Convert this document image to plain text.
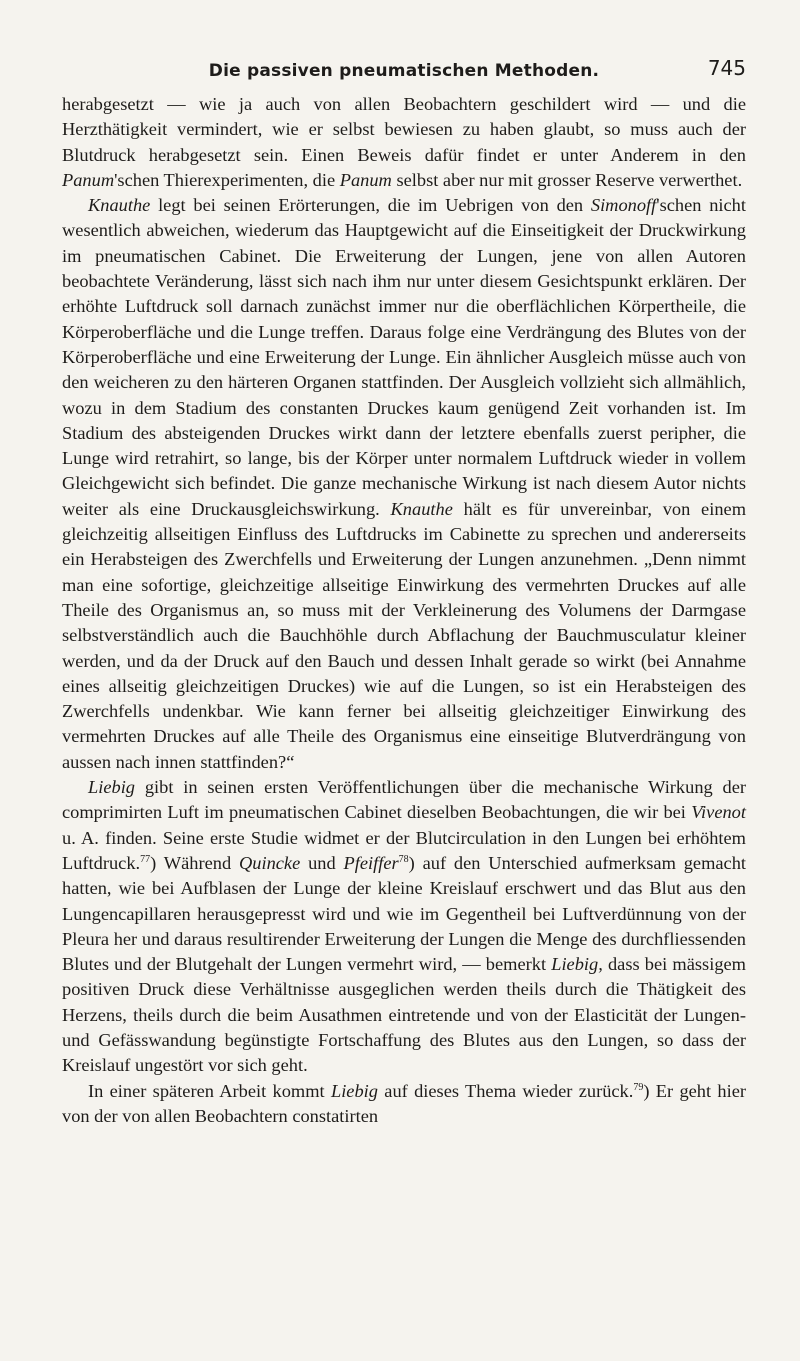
Die passiven pneumatischen Methoden.	745

herabgesetzt — wie ja auch von allen Beobachtern geschildert wird — und die Herzthätigkeit vermindert, wie er selbst bewiesen zu haben glaubt, so muss auch der Blutdruck herabgesetzt sein. Einen Beweis dafür findet er unter Anderem in den Panum'schen Thierexperimenten, die Panum selbst aber nur mit grosser Reserve verwerthet.

Knauthe legt bei seinen Erörterungen, die im Uebrigen von den Simonoff'schen nicht wesentlich abweichen, wiederum das Hauptgewicht auf die Einseitigkeit der Druckwirkung im pneumatischen Cabinet. Die Erweiterung der Lungen, jene von allen Autoren beobachtete Veränderung, lässt sich nach ihm nur unter diesem Gesichtspunkt erklären. Der erhöhte Luftdruck soll darnach zunächst immer nur die oberflächlichen Körpertheile, die Körperoberfläche und die Lunge treffen. Daraus folge eine Verdrängung des Blutes von der Körperoberfläche und eine Erweiterung der Lunge. Ein ähnlicher Ausgleich müsse auch von den weicheren zu den härteren Organen stattfinden. Der Ausgleich vollzieht sich allmählich, wozu in dem Stadium des constanten Druckes kaum genügend Zeit vorhanden ist. Im Stadium des absteigenden Druckes wirkt dann der letztere ebenfalls zuerst peripher, die Lunge wird retrahirt, so lange, bis der Körper unter normalem Luftdruck wieder in vollem Gleichgewicht sich befindet. Die ganze mechanische Wirkung ist nach diesem Autor nichts weiter als eine Druckausgleichswirkung. Knauthe hält es für unvereinbar, von einem gleichzeitig allseitigen Einfluss des Luftdrucks im Cabinette zu sprechen und andererseits ein Herabsteigen des Zwerchfells und Erweiterung der Lungen anzunehmen. „Denn nimmt man eine sofortige, gleichzeitige allseitige Einwirkung des vermehrten Druckes auf alle Theile des Organismus an, so muss mit der Verkleinerung des Volumens der Darmgase selbstverständlich auch die Bauchhöhle durch Abflachung der Bauchmusculatur kleiner werden, und da der Druck auf den Bauch und dessen Inhalt gerade so wirkt (bei Annahme eines allseitig gleichzeitigen Druckes) wie auf die Lungen, so ist ein Herabsteigen des Zwerchfells undenkbar. Wie kann ferner bei allseitig gleichzeitiger Einwirkung des vermehrten Druckes auf alle Theile des Organismus eine einseitige Blutverdrängung von aussen nach innen stattfinden?“

Liebig gibt in seinen ersten Veröffentlichungen über die mechanische Wirkung der comprimirten Luft im pneumatischen Cabinet dieselben Beobachtungen, die wir bei Vivenot u. A. finden. Seine erste Studie widmet er der Blutcirculation in den Lungen bei erhöhtem Luftdruck.$^{77}$) Während Quincke und Pfeiffer$^{78}$) auf den Unterschied aufmerksam gemacht hatten, wie bei Aufblasen der Lunge der kleine Kreislauf erschwert und das Blut aus den Lungencapillaren herausgepresst wird und wie im Gegentheil bei Luftverdünnung von der Pleura her und daraus resultirender Erweiterung der Lungen die Menge des durchfliessenden Blutes und der Blutgehalt der Lungen vermehrt wird, — bemerkt Liebig, dass bei mässigem positiven Druck diese Verhältnisse ausgeglichen werden theils durch die Thätigkeit des Herzens, theils durch die beim Ausathmen eintretende und von der Elasticität der Lungen- und Gefässwandung begünstigte Fortschaffung des Blutes aus den Lungen, so dass der Kreislauf ungestört vor sich geht.

In einer späteren Arbeit kommt Liebig auf dieses Thema wieder zurück.$^{79}$) Er geht hier von der von allen Beobachtern constatirten
